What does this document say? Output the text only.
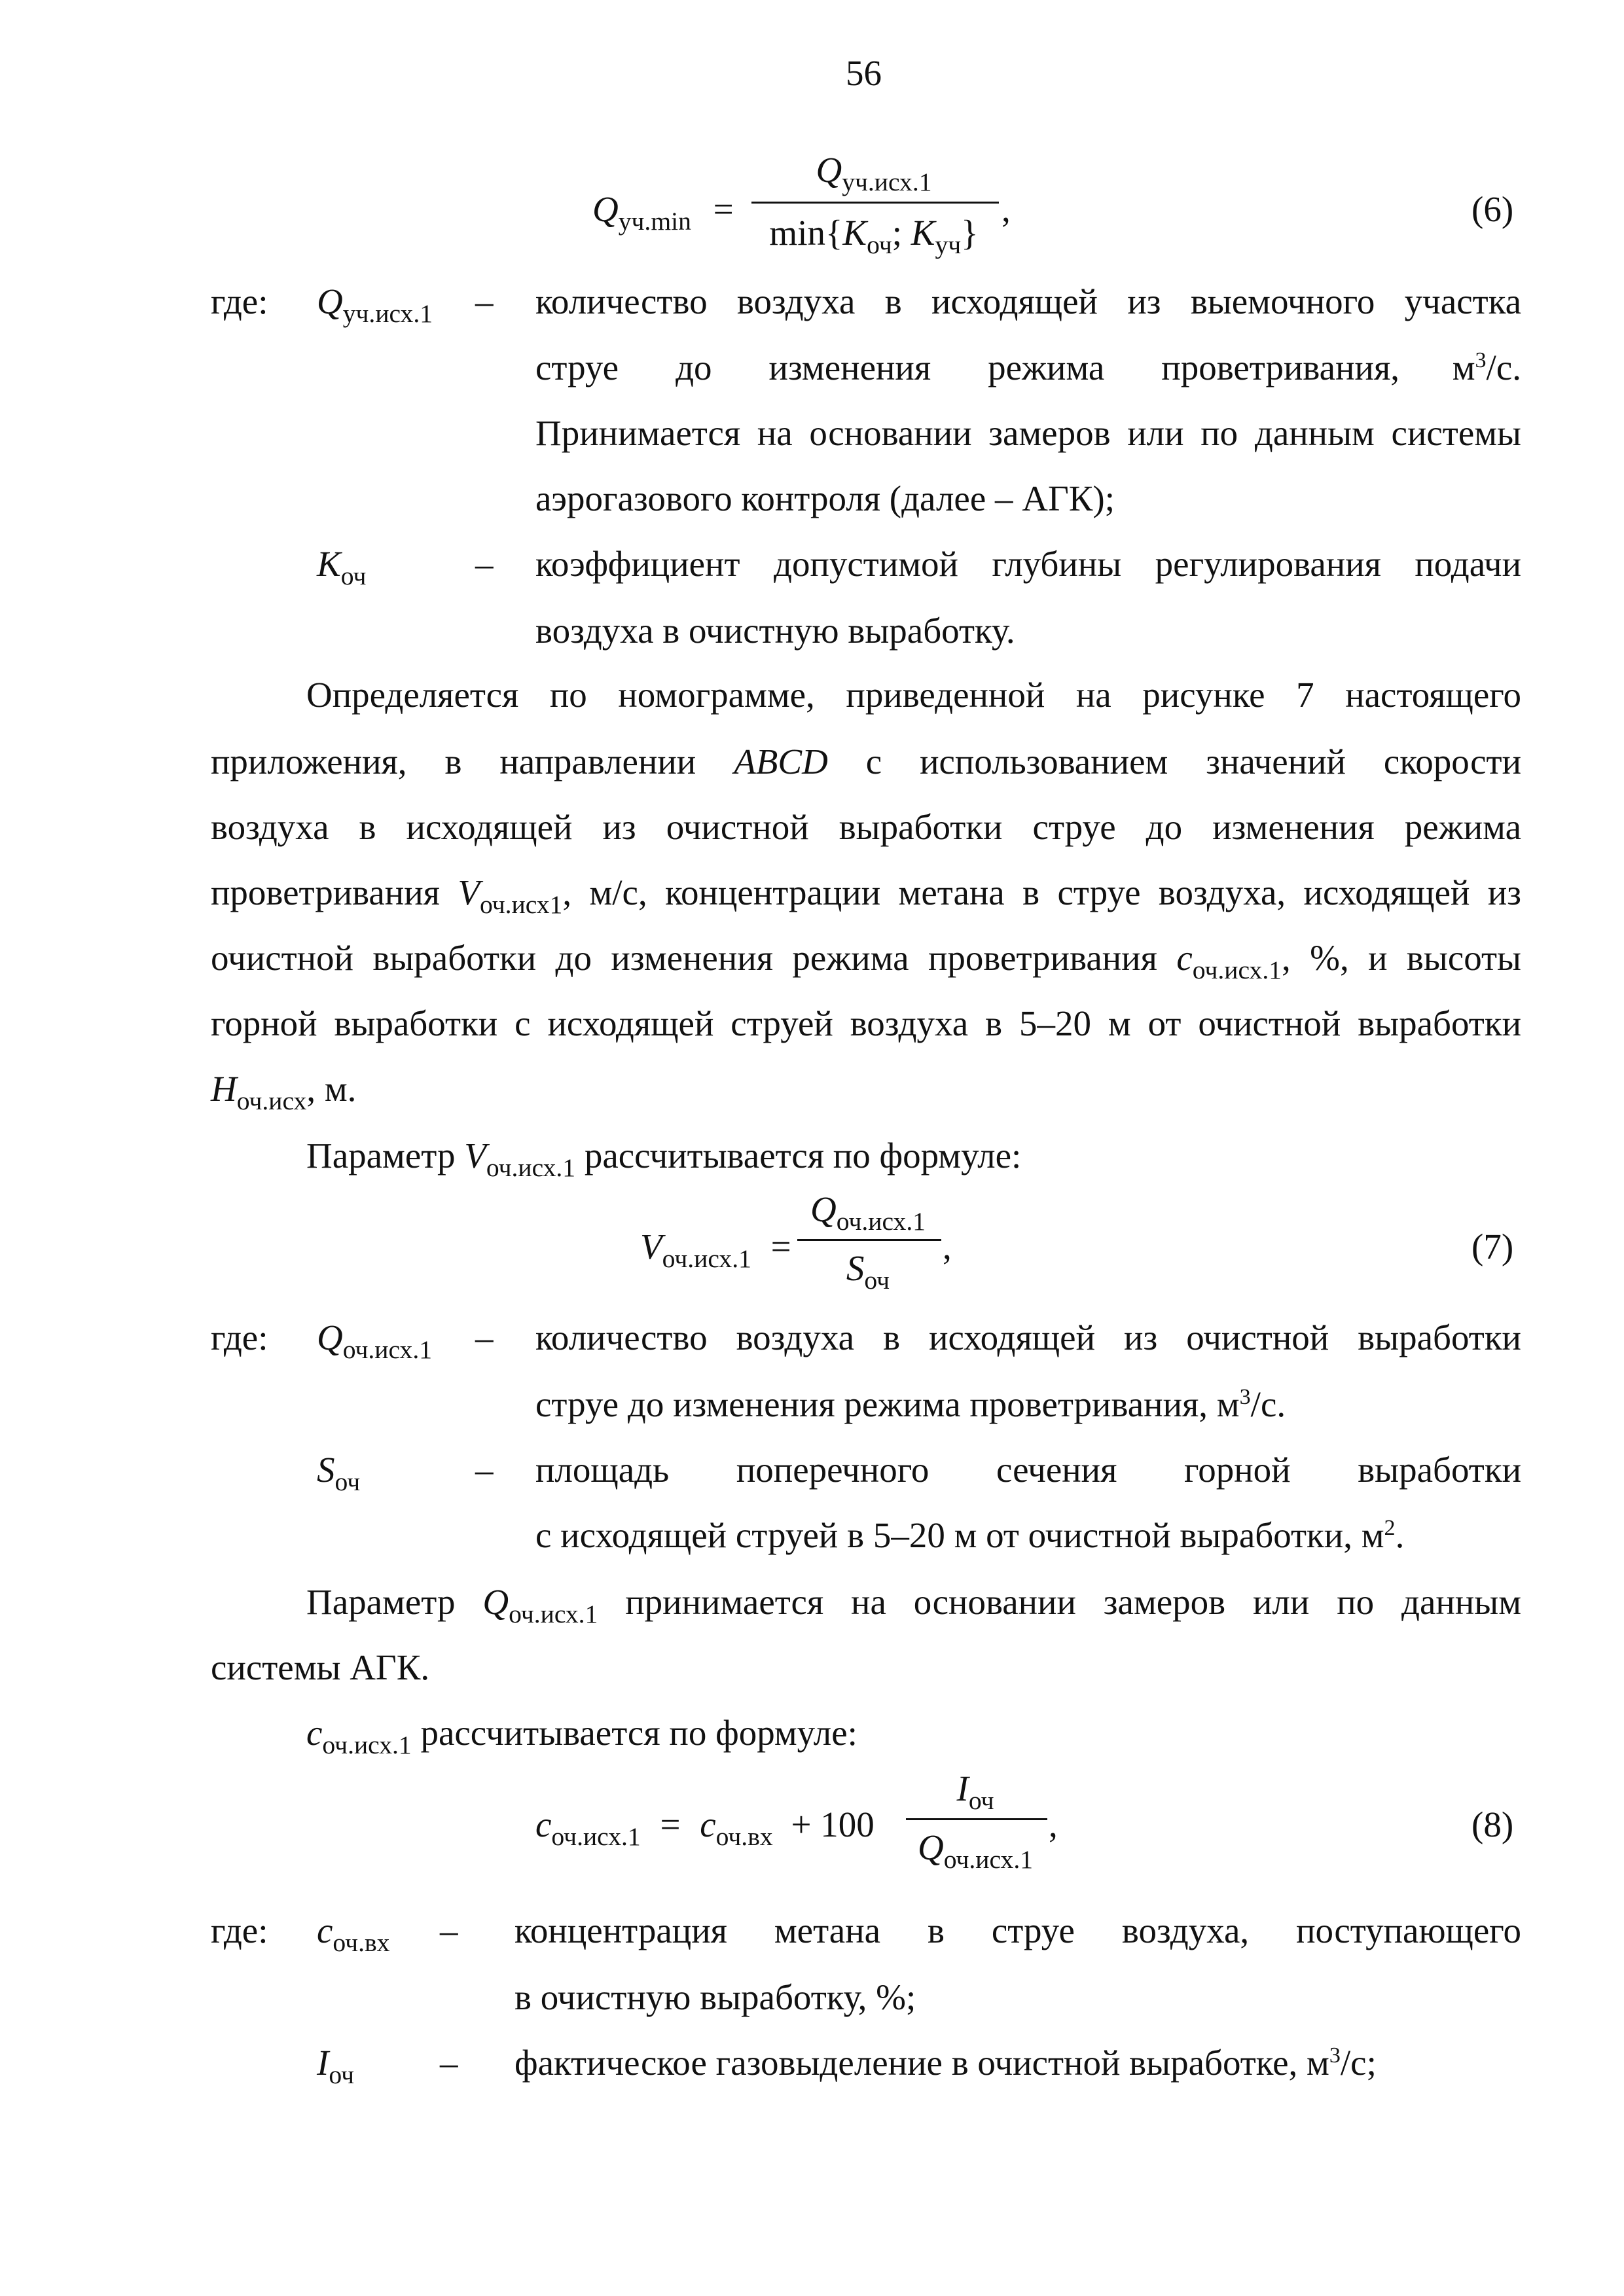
56
$Q_{уч.min}$ =
$Q_{уч.исх.1}$
$\min\{K_{оч}$; $K_{уч}$}
,	(6)
где: $Q_{уч.исх.1}$ – количество воздуха в исходящей из выемочного участка
струе до изменения режима проветривания, $м^3/с$.
Принимается на основании замеров или по данным системы
аэрогазового контроля (далее – АГК);
$K_{оч}$	– коэффициент допустимой глубины регулирования подачи
воздуха в очистную выработку.
Определяется по номограмме, приведенной на рисунке 7 настоящего
приложения, в направлении ABCD с использованием значений скорости
воздуха в исходящей из очистной выработки струе до изменения режима
проветривания $V_{оч.исх1}$, м/с, концентрации метана в струе воздуха, исходящей из
очистной выработки до изменения режима проветривания $c_{оч.исх.1}$, %, и высоты
горной выработки с исходящей струей воздуха в 5–20 м от очистной выработки
$H_{оч.исх}$, м.
Параметр $V_{оч.исх.1}$ рассчитывается по формуле:
$V_{оч.исх.1}$ =
$Q_{оч.исх.1}$
$S_{оч}$
,	(7)
где: $Q_{оч.исх.1}$ – количество воздуха в исходящей из очистной выработки
струе до изменения режима проветривания, $м^3/с$.
$S_{оч}$	– площадь поперечного сечения горной выработки
с исходящей струей в 5–20 м от очистной выработки, $м^2$.
Параметр $Q_{оч.исх.1}$ принимается на основании замеров или по данным
системы АГК.
$c_{оч.исх.1}$ рассчитывается по формуле:
$c_{оч.исх.1} = c_{оч.вх} + 100$
$I_{оч}$
$Q_{оч.исх.1}$
,	(8)
где: $c_{оч.вх}$ – концентрация метана в струе воздуха, поступающего
в очистную выработку, %;
$I_{оч}$ – фактическое газовыделение в очистной выработке, $м^3/с$;
